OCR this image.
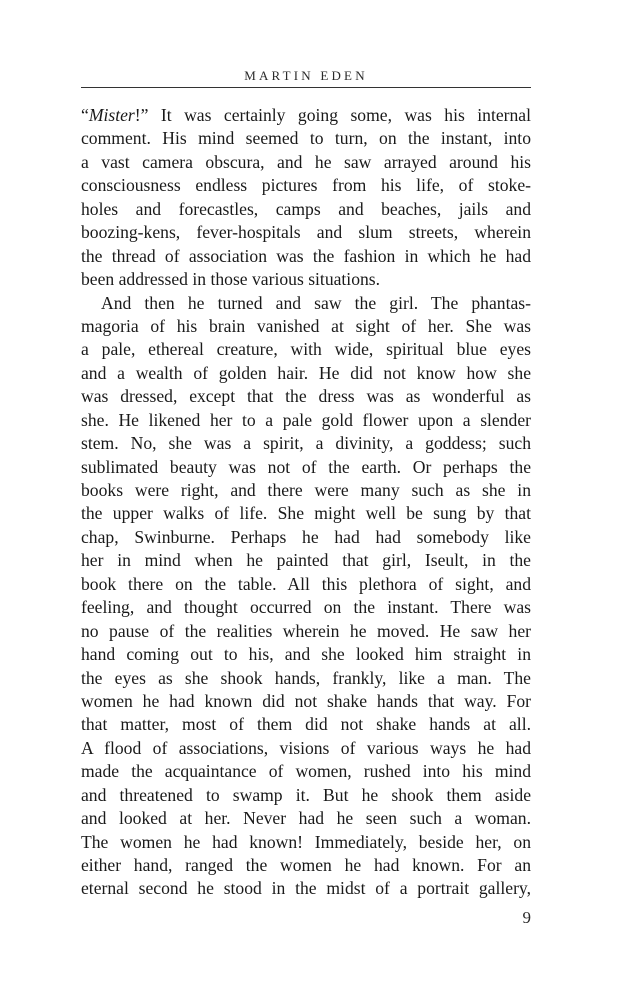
MARTIN EDEN
“Mister!” It was certainly going some, was his internal
comment. His mind seemed to turn, on the instant, into
a vast camera obscura, and he saw arrayed around his
consciousness endless pictures from his life, of stoke-
holes and forecastles, camps and beaches, jails and
boozing-kens, fever-hospitals and slum streets, wherein
the thread of association was the fashion in which he had
been addressed in those various situations.
And then he turned and saw the girl. The phantas-
magoria of his brain vanished at sight of her. She was
a pale, ethereal creature, with wide, spiritual blue eyes
and a wealth of golden hair. He did not know how she
was dressed, except that the dress was as wonderful as
she. He likened her to a pale gold flower upon a slender
stem. No, she was a spirit, a divinity, a goddess; such
sublimated beauty was not of the earth. Or perhaps the
books were right, and there were many such as she in
the upper walks of life. She might well be sung by that
chap, Swinburne. Perhaps he had had somebody like
her in mind when he painted that girl, Iseult, in the
book there on the table. All this plethora of sight, and
feeling, and thought occurred on the instant. There was
no pause of the realities wherein he moved. He saw her
hand coming out to his, and she looked him straight in
the eyes as she shook hands, frankly, like a man. The
women he had known did not shake hands that way. For
that matter, most of them did not shake hands at all.
A flood of associations, visions of various ways he had
made the acquaintance of women, rushed into his mind
and threatened to swamp it. But he shook them aside
and looked at her. Never had he seen such a woman.
The women he had known! Immediately, beside her, on
either hand, ranged the women he had known. For an
eternal second he stood in the midst of a portrait gallery,
9
